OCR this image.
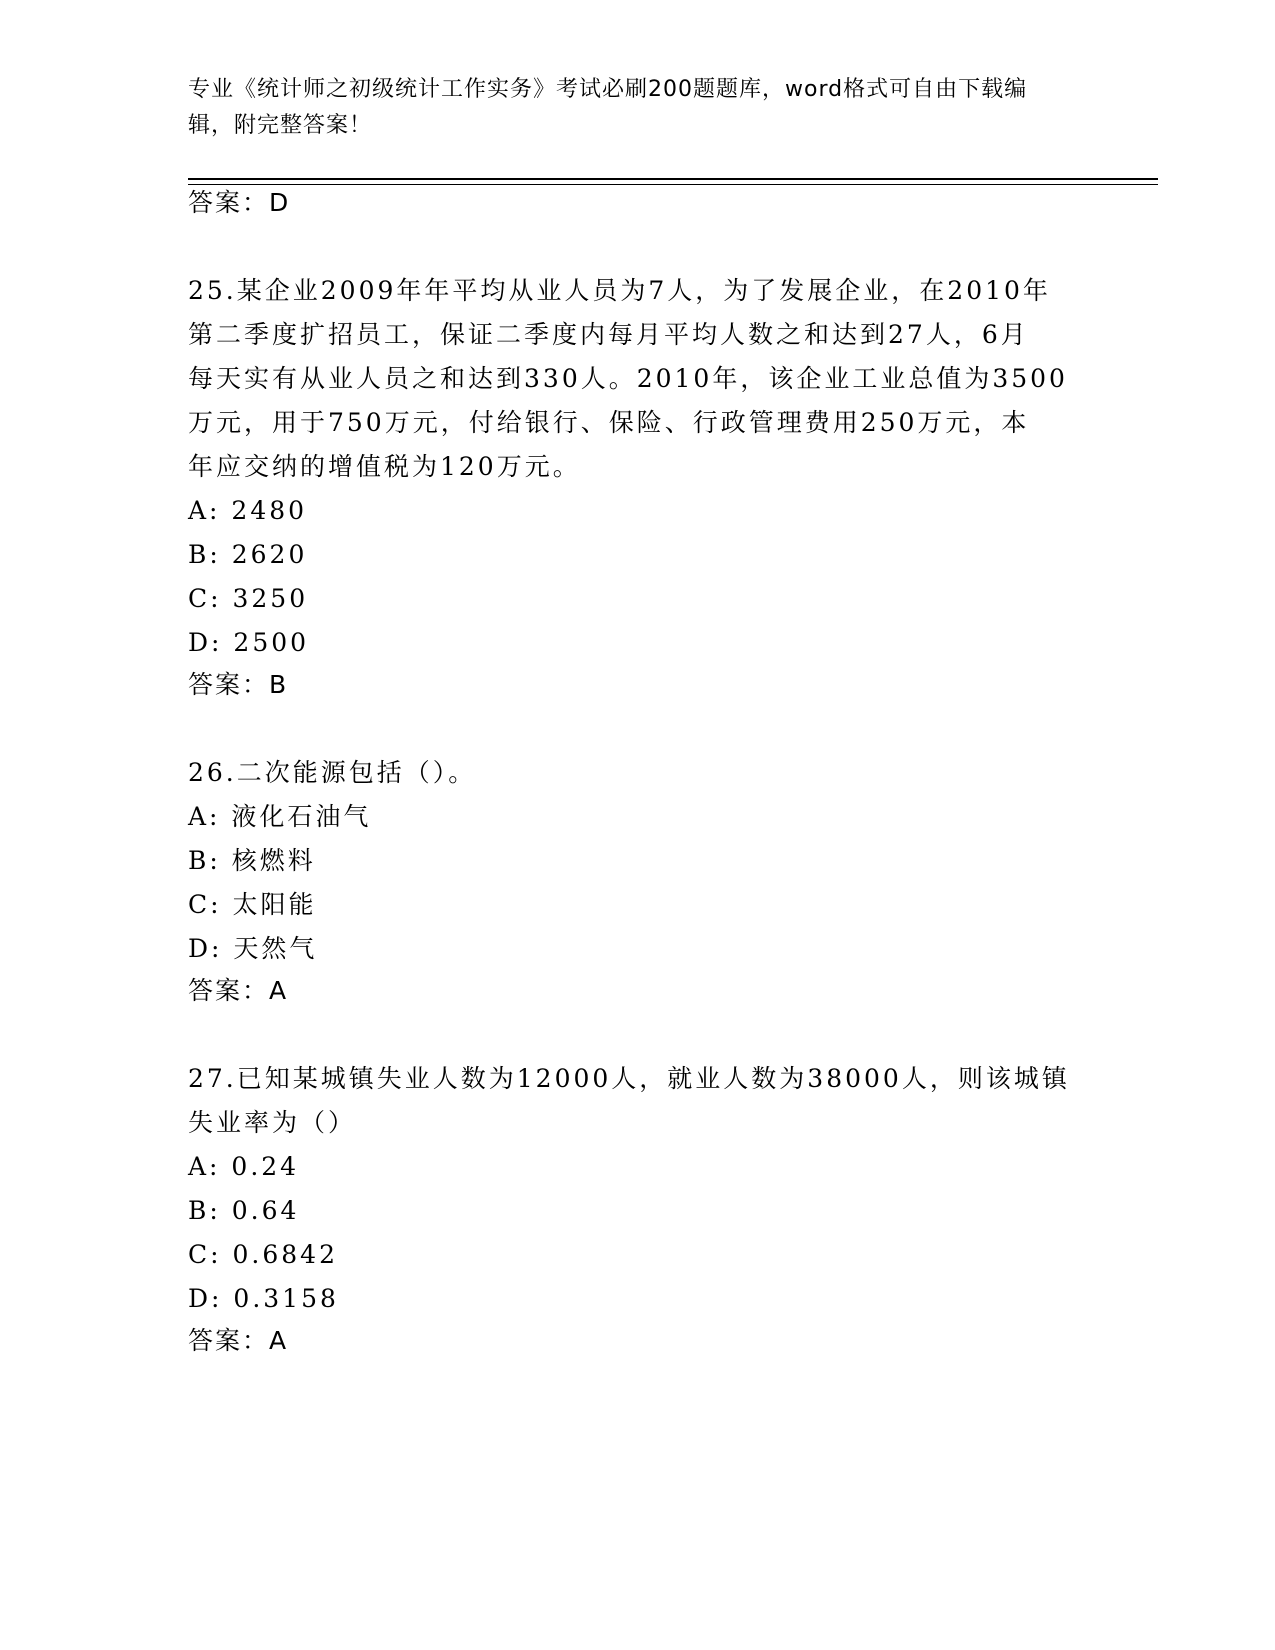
专业《统计师之初级统计工作实务》考试必刷200题题库，word格式可自由下载编辑，附完整答案！
答案：D
25.某企业2009年年平均从业人员为7人，为了发展企业，在2010年
第二季度扩招员工，保证二季度内每月平均人数之和达到27人，6月
每天实有从业人员之和达到330人。2010年，该企业工业总值为3500
万元，用于750万元，付给银行、保险、行政管理费用250万元，本
年应交纳的增值税为120万元。
A: 2480
B: 2620
C: 3250
D: 2500
答案：B
26.二次能源包括（）。
A: 液化石油气
B: 核燃料
C: 太阳能
D: 天然气
答案：A
27.已知某城镇失业人数为12000人，就业人数为38000人，则该城镇
失业率为（）
A: 0.24
B: 0.64
C: 0.6842
D: 0.3158
答案：A
